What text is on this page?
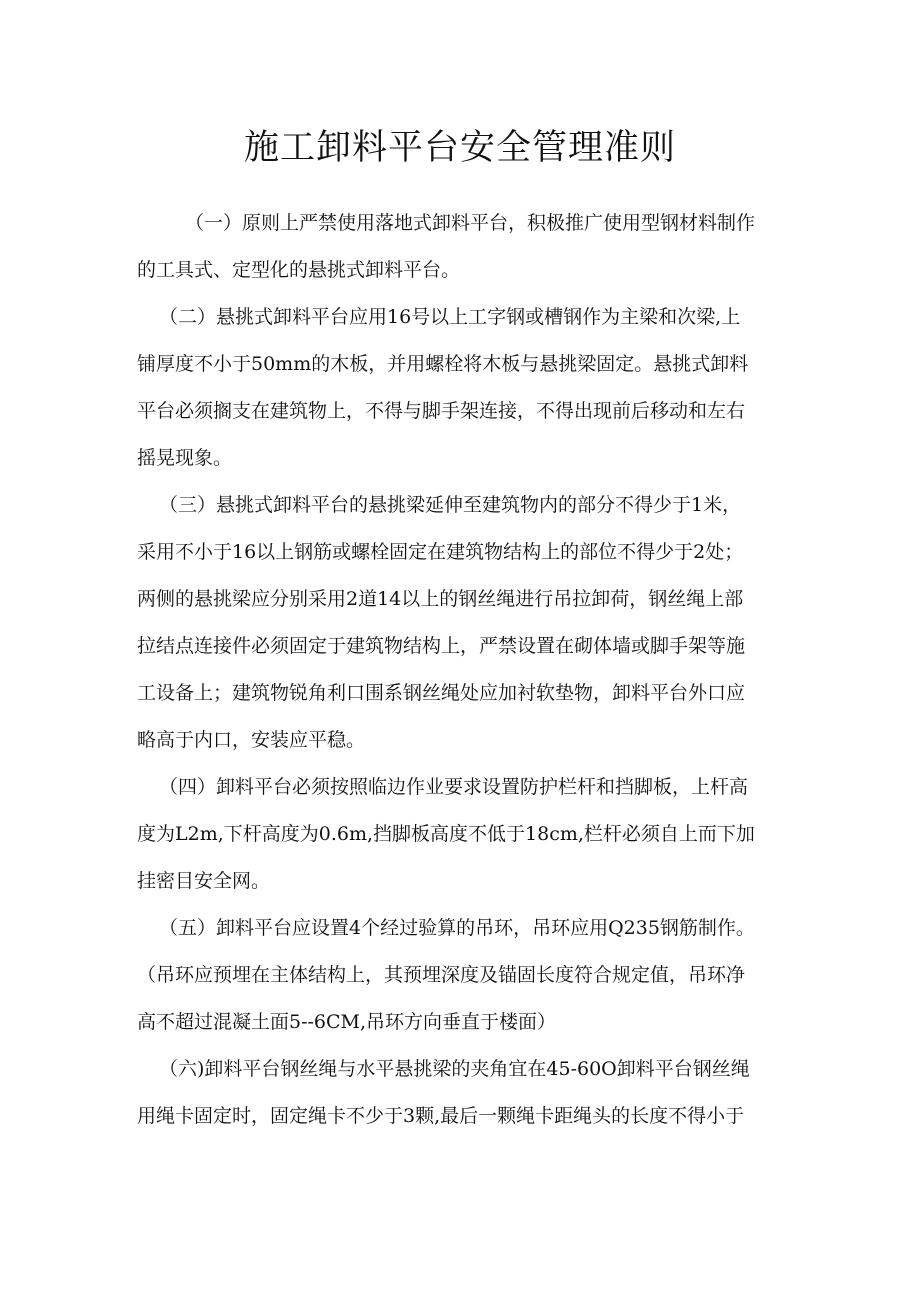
施工卸料平台安全管理准则

（一）原则上严禁使用落地式卸料平台，积极推广使用型钢材料制作
的工具式、定型化的悬挑式卸料平台。

（二）悬挑式卸料平台应用16号以上工字钢或槽钢作为主梁和次梁,上
铺厚度不小于50mm的木板，并用螺栓将木板与悬挑梁固定。悬挑式卸料
平台必须搁支在建筑物上，不得与脚手架连接，不得出现前后移动和左右
摇晃现象。

（三）悬挑式卸料平台的悬挑梁延伸至建筑物内的部分不得少于1米，
采用不小于16以上钢筋或螺栓固定在建筑物结构上的部位不得少于2处；
两侧的悬挑梁应分别采用2道14以上的钢丝绳进行吊拉卸荷，钢丝绳上部
拉结点连接件必须固定于建筑物结构上，严禁设置在砌体墙或脚手架等施
工设备上；建筑物锐角利口围系钢丝绳处应加衬软垫物，卸料平台外口应
略高于内口，安装应平稳。

（四）卸料平台必须按照临边作业要求设置防护栏杆和挡脚板，上杆高
度为L2m,下杆高度为0.6m,挡脚板高度不低于18cm,栏杆必须自上而下加
挂密目安全网。

（五）卸料平台应设置4个经过验算的吊环，吊环应用Q235钢筋制作。
（吊环应预埋在主体结构上，其预埋深度及锚固长度符合规定值，吊环净
高不超过混凝土面5--6CM,吊环方向垂直于楼面）

（六)卸料平台钢丝绳与水平悬挑梁的夹角宜在45-60O卸料平台钢丝绳
用绳卡固定时，固定绳卡不少于3颗,最后一颗绳卡距绳头的长度不得小于
